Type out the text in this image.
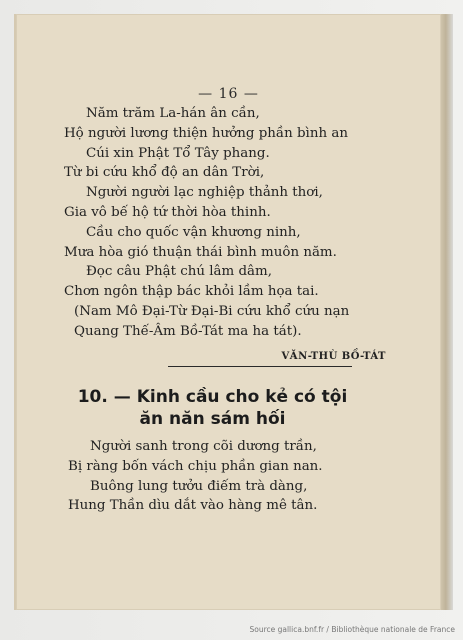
— 16 —
Năm trăm La-hán ân cần,
Hộ người lương thiện hưởng phần bình an
Cúi xin Phật Tổ Tây phang.
Từ bi cứu khổ độ an dân Trời,
Người người lạc nghiệp thảnh thơi,
Gia vô bế hộ tứ thời hòa thinh.
Cầu cho quốc vận khương ninh,
Mưa hòa gió thuận thái bình muôn năm.
Đọc câu Phật chú lâm dâm,
Chơn ngôn thập bác khỏi lầm họa tai.
(Nam Mô Đại-Từ Đại-Bi cứu khổ cứu nạn
Quang Thế-Âm Bồ-Tát ma ha tát).
VĂN-THÙ BỒ-TÁT
10. — Kinh cầu cho kẻ có tội
ăn năn sám hối
Người sanh trong cõi dương trần,
Bị ràng bốn vách chịu phần gian nan.
Buông lung tưởu điếm trà dàng,
Hung Thần dìu dắt vào hàng mê tân.
Source gallica.bnf.fr / Bibliothèque nationale de France
